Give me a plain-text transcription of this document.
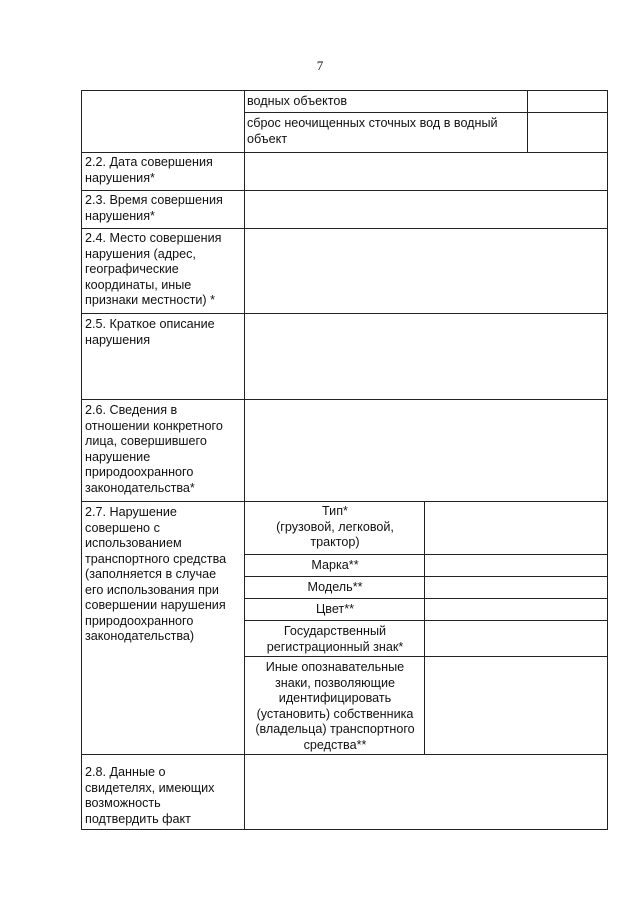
7
водных объектов
сброс неочищенных сточных вод в водный
объект
2.2. Дата совершения
нарушения*
2.3. Время совершения
нарушения*
2.4. Место совершения
нарушения (адрес,
географические
координаты, иные
признаки местности) *
2.5. Краткое описание
нарушения
2.6. Сведения в
отношении конкретного
лица, совершившего
нарушение
природоохранного
законодательства*
2.7. Нарушение
совершено с
использованием
транспортного средства
(заполняется в случае
его использования при
совершении нарушения
природоохранного
законодательства)
2.8. Данные о
свидетелях, имеющих
возможность
подтвердить факт
Тип*
(грузовой, легковой,
трактор)
Марка**
Модель**
Цвет**
Государственный
регистрационный знак*
Иные опознавательные
знаки, позволяющие
идентифицировать
(установить) собственника
(владельца) транспортного
средства**
